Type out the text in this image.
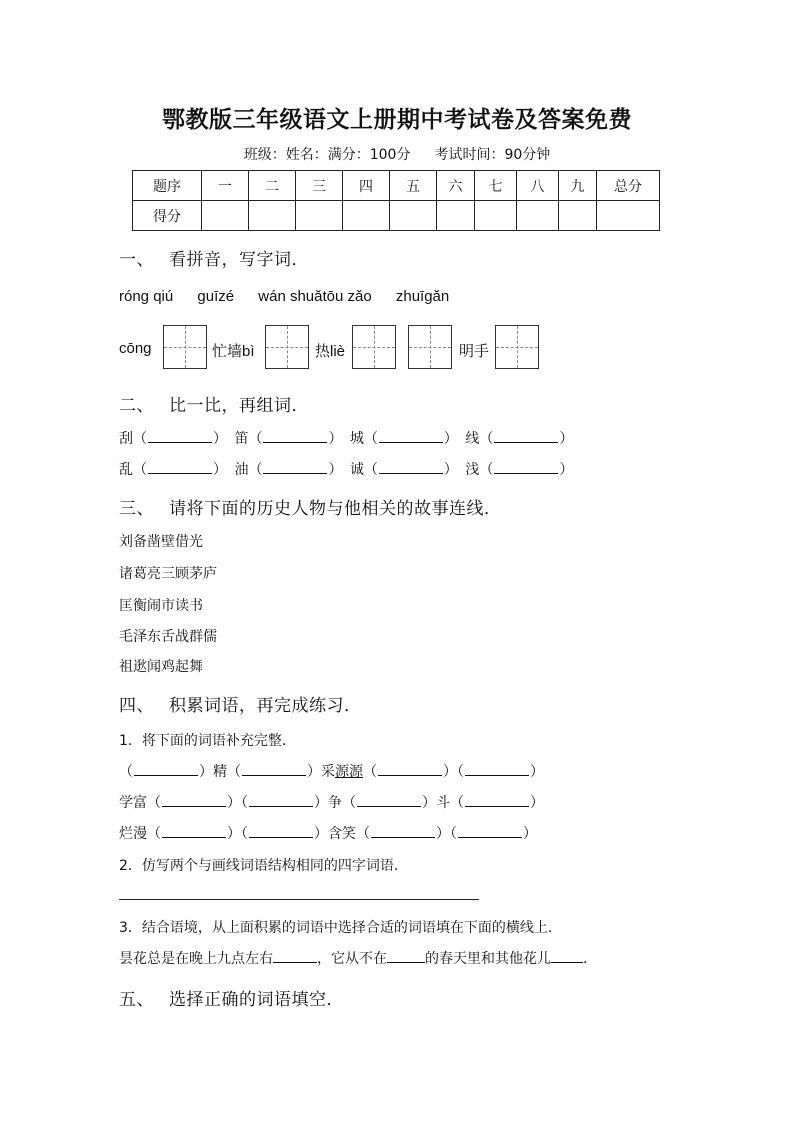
鄂教版三年级语文上册期中考试卷及答案免费
班级：姓名：满分：100分 考试时间：90分钟
题序	一	二	三	四	五	六	七	八	九	总分
得分										
一、 看拼音，写字词．
róng qiú guīzé wán shuǎtōu zǎo zhuīgǎn
cōng	忙墙bì	热liè	明手
二、 比一比，再组词．
刮（	） 笛（	） 城（	） 线（	）
乱（	） 油（	） 诚（	） 浅（	）
三、 请将下面的历史人物与他相关的故事连线．
刘备凿壁借光
诸葛亮三顾茅庐
匡衡闹市读书
毛泽东舌战群儒
祖逖闻鸡起舞
四、 积累词语，再完成练习．
1．将下面的词语补充完整.
（	）精（	）采源源（	）（	）
学富（	）（	）争（	）斗（	）
烂漫（	）（	）含笑（	）（	）
2．仿写两个与画线词语结构相同的四字词语.
3．结合语境，从上面积累的词语中选择合适的词语填在下面的横线上.
昙花总是在晚上九点左右	，它从不在	的春天里和其他花儿 .
五、 选择正确的词语填空．
